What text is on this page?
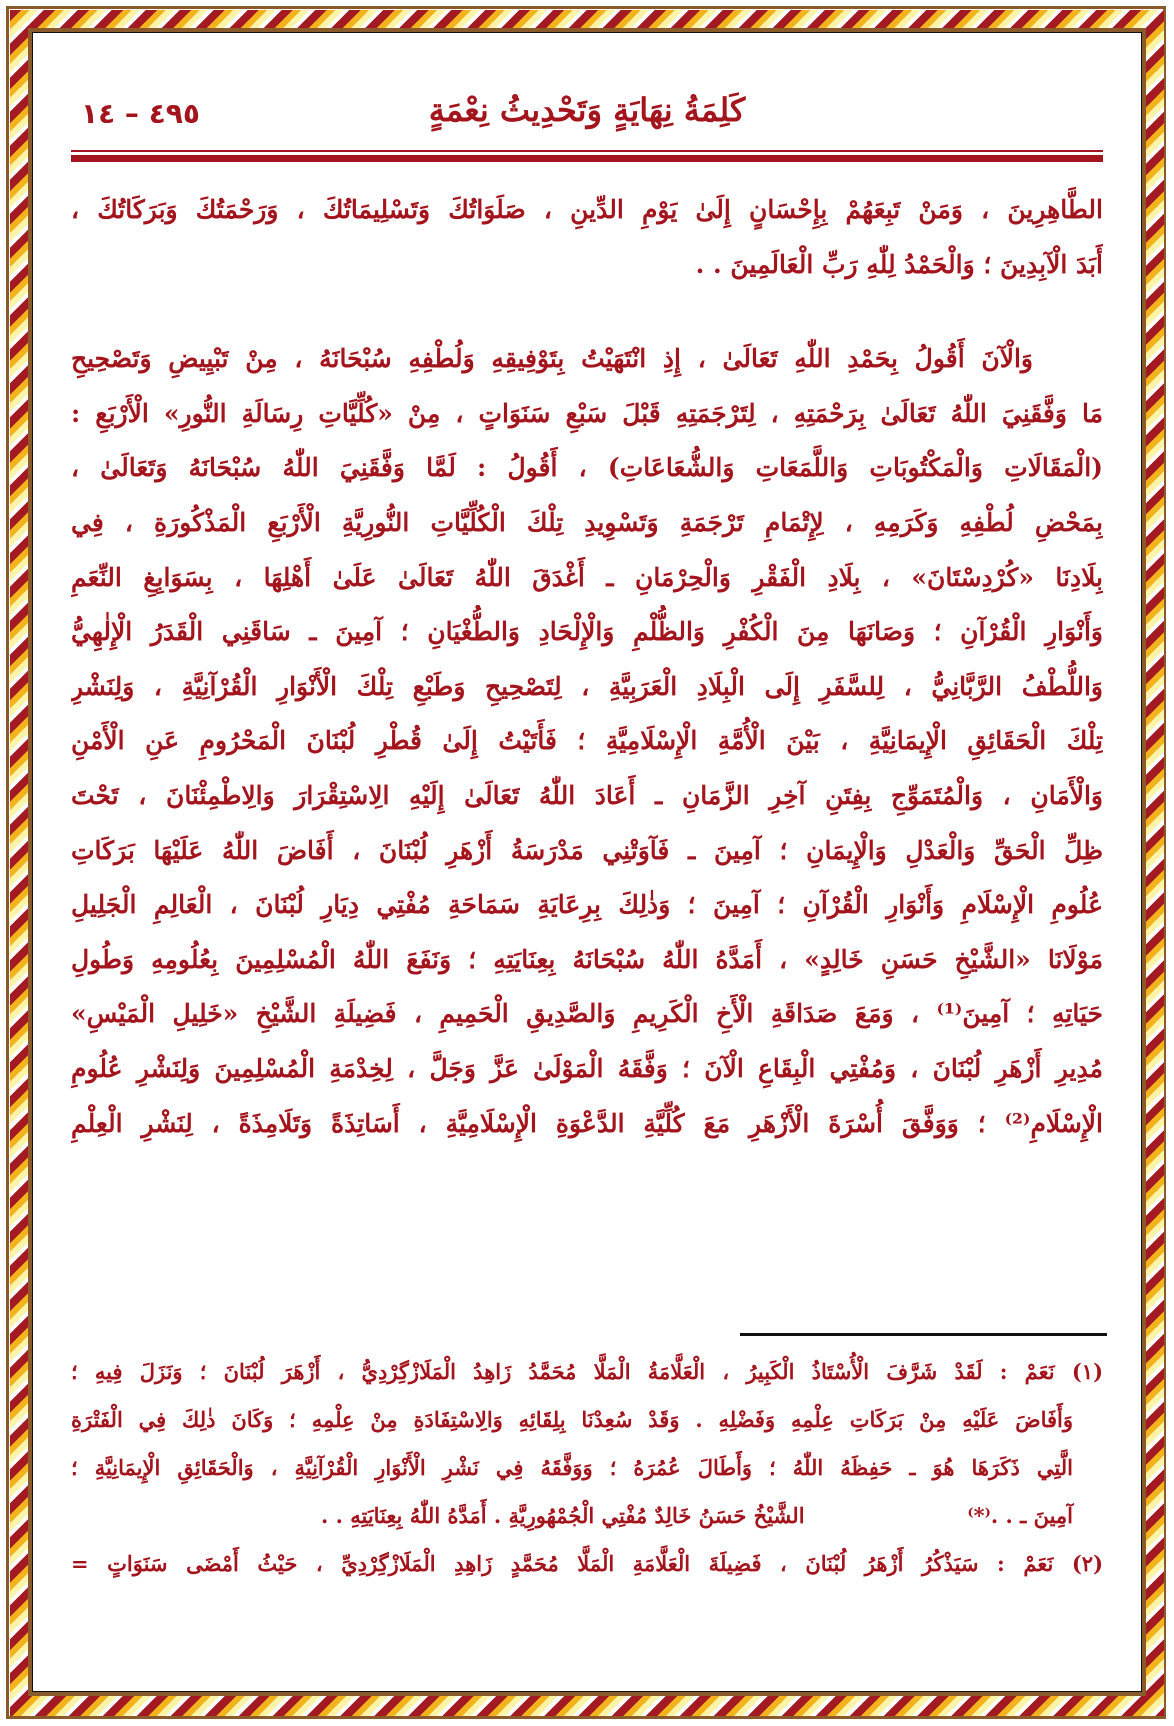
٤٩٥ – ١٤	كَلِمَةُ نِهَايَةٍ وَتَحْدِيثُ نِعْمَةٍ
الطَّاهِرِينَ ، وَمَنْ تَبِعَهُمْ بِإِحْسَانٍ إِلَىٰ يَوْمِ الدِّينِ ، صَلَوَاتُكَ وَتَسْلِيمَاتُكَ ، وَرَحْمَتُكَ وَبَرَكَاتُكَ ،
أَبَدَ الْآبِدِينَ ؛ وَالْحَمْدُ لِلّٰهِ رَبِّ الْعَالَمِينَ . .
وَالْآنَ أَقُولُ بِحَمْدِ اللّٰهِ تَعَالَىٰ ، إِذِ انْتَهَيْتُ بِتَوْفِيقِهِ وَلُطْفِهِ سُبْحَانَهُ ، مِنْ تَبْيِيضِ وَتَصْحِيحِ
مَا وَفَّقَنِيَ اللّٰهُ تَعَالَىٰ بِرَحْمَتِهِ ، لِتَرْجَمَتِهِ قَبْلَ سَبْعِ سَنَوَاتٍ ، مِنْ «كُلِّيَّاتِ رِسَالَةِ النُّورِ» الْأَرْبَعِ :
(الْمَقَالَاتِ وَالْمَكْتُوبَاتِ وَاللَّمَعَاتِ وَالشُّعَاعَاتِ) ، أَقُولُ : لَمَّا وَفَّقَنِيَ اللّٰهُ سُبْحَانَهُ وَتَعَالَىٰ ،
بِمَحْضِ لُطْفِهِ وَكَرَمِهِ ، لِإِتْمَامِ تَرْجَمَةِ وَتَسْوِيدِ تِلْكَ الْكُلِّيَّاتِ النُّورِيَّةِ الْأَرْبَعِ الْمَذْكُورَةِ ، فِي
بِلَادِنَا «كُرْدِسْتَانَ» ، بِلَادِ الْفَقْرِ وَالْحِرْمَانِ ـ أَغْدَقَ اللّٰهُ تَعَالَىٰ عَلَىٰ أَهْلِهَا ، بِسَوَابِغِ النِّعَمِ
وَأَنْوَارِ الْقُرْآنِ ؛ وَصَانَهَا مِنَ الْكُفْرِ وَالظُّلْمِ وَالْإِلْحَادِ وَالطُّغْيَانِ ؛ آمِينَ ـ سَاقَنِي الْقَدَرُ الْإِلٰهِيُّ
وَاللُّطْفُ الرَّبَّانِيُّ ، لِلسَّفَرِ إِلَى الْبِلَادِ الْعَرَبِيَّةِ ، لِتَصْحِيحِ وَطَبْعِ تِلْكَ الْأَنْوَارِ الْقُرْآنِيَّةِ ، وَلِنَشْرِ
تِلْكَ الْحَقَائِقِ الْإِيمَانِيَّةِ ، بَيْنَ الْأُمَّةِ الْإِسْلَامِيَّةِ ؛ فَأَتَيْتُ إِلَىٰ قُطْرِ لُبْنَانَ الْمَحْرُومِ عَنِ الْأَمْنِ
وَالْأَمَانِ ، وَالْمُتَمَوِّجِ بِفِتَنِ آخِرِ الزَّمَانِ ـ أَعَادَ اللّٰهُ تَعَالَىٰ إِلَيْهِ الِاسْتِقْرَارَ وَالِاطْمِئْنَانَ ، تَحْتَ
ظِلِّ الْحَقِّ وَالْعَدْلِ وَالْإِيمَانِ ؛ آمِينَ ـ فَآوَتْنِي مَدْرَسَةُ أَزْهَرِ لُبْنَانَ ، أَفَاضَ اللّٰهُ عَلَيْهَا بَرَكَاتِ
عُلُومِ الْإِسْلَامِ وَأَنْوَارِ الْقُرْآنِ ؛ آمِينَ ؛ وَذٰلِكَ بِرِعَايَةِ سَمَاحَةِ مُفْتِي دِيَارِ لُبْنَانَ ، الْعَالِمِ الْجَلِيلِ
مَوْلَانَا «الشَّيْخِ حَسَنِ خَالِدٍ» ، أَمَدَّهُ اللّٰهُ سُبْحَانَهُ بِعِنَايَتِهِ ؛ وَنَفَعَ اللّٰهُ الْمُسْلِمِينَ بِعُلُومِهِ وَطُولِ
حَيَاتِهِ ؛ آمِينَ⁽¹⁾ ، وَمَعَ صَدَاقَةِ الْأَخِ الْكَرِيمِ وَالصَّدِيقِ الْحَمِيمِ ، فَضِيلَةِ الشَّيْخِ «خَلِيلِ الْمَيْسِ»
مُدِيرِ أَزْهَرِ لُبْنَانَ ، وَمُفْتِي الْبِقَاعِ الْآنَ ؛ وَفَّقَهُ الْمَوْلَىٰ عَزَّ وَجَلَّ ، لِخِدْمَةِ الْمُسْلِمِينَ وَلِنَشْرِ عُلُومِ
الْإِسْلَامِ⁽²⁾ ؛ وَوَفَّقَ أُسْرَةَ الْأَزْهَرِ مَعَ كُلِّيَّةِ الدَّعْوَةِ الْإِسْلَامِيَّةِ ، أَسَاتِذَةً وَتَلَامِذَةً ، لِنَشْرِ الْعِلْمِ
(١) نَعَمْ : لَقَدْ شَرَّفَ الْأُسْتَاذُ الْكَبِيرُ ، الْعَلَّامَةُ الْمَلَّا مُحَمَّدُ زَاهِدُ الْمَلَازْگِرْدِيُّ ، أَزْهَرَ لُبْنَانَ ؛ وَنَزَلَ فِيهِ ؛
وَأَفَاضَ عَلَيْهِ مِنْ بَرَكَاتِ عِلْمِهِ وَفَضْلِهِ . وَقَدْ سُعِدْنَا بِلِقَائِهِ وَالِاسْتِفَادَةِ مِنْ عِلْمِهِ ؛ وَكَانَ ذٰلِكَ فِي الْفَتْرَةِ
الَّتِي ذَكَرَهَا هُوَ ـ حَفِظَهُ اللّٰهُ ؛ وَأَطَالَ عُمُرَهُ ؛ وَوَفَّقَهُ فِي نَشْرِ الْأَنْوَارِ الْقُرْآنِيَّةِ ، وَالْحَقَائِقِ الْإِيمَانِيَّةِ ؛
آمِينَ ـ . .⁽*⁾
الشَّيْخُ حَسَنُ خَالِدٌ مُفْتِي الْجُمْهُورِيَّةِ . أَمَدَّهُ اللّٰهُ بِعِنَايَتِهِ . .
(٢) نَعَمْ : سَيَذْكُرُ أَزْهَرُ لُبْنَانَ ، فَضِيلَةَ الْعَلَّامَةِ الْمَلَّا مُحَمَّدٍ زَاهِدِ الْمَلَازْگِرْدِيِّ ، حَيْثُ أَمْضَى سَنَوَاتٍ =
